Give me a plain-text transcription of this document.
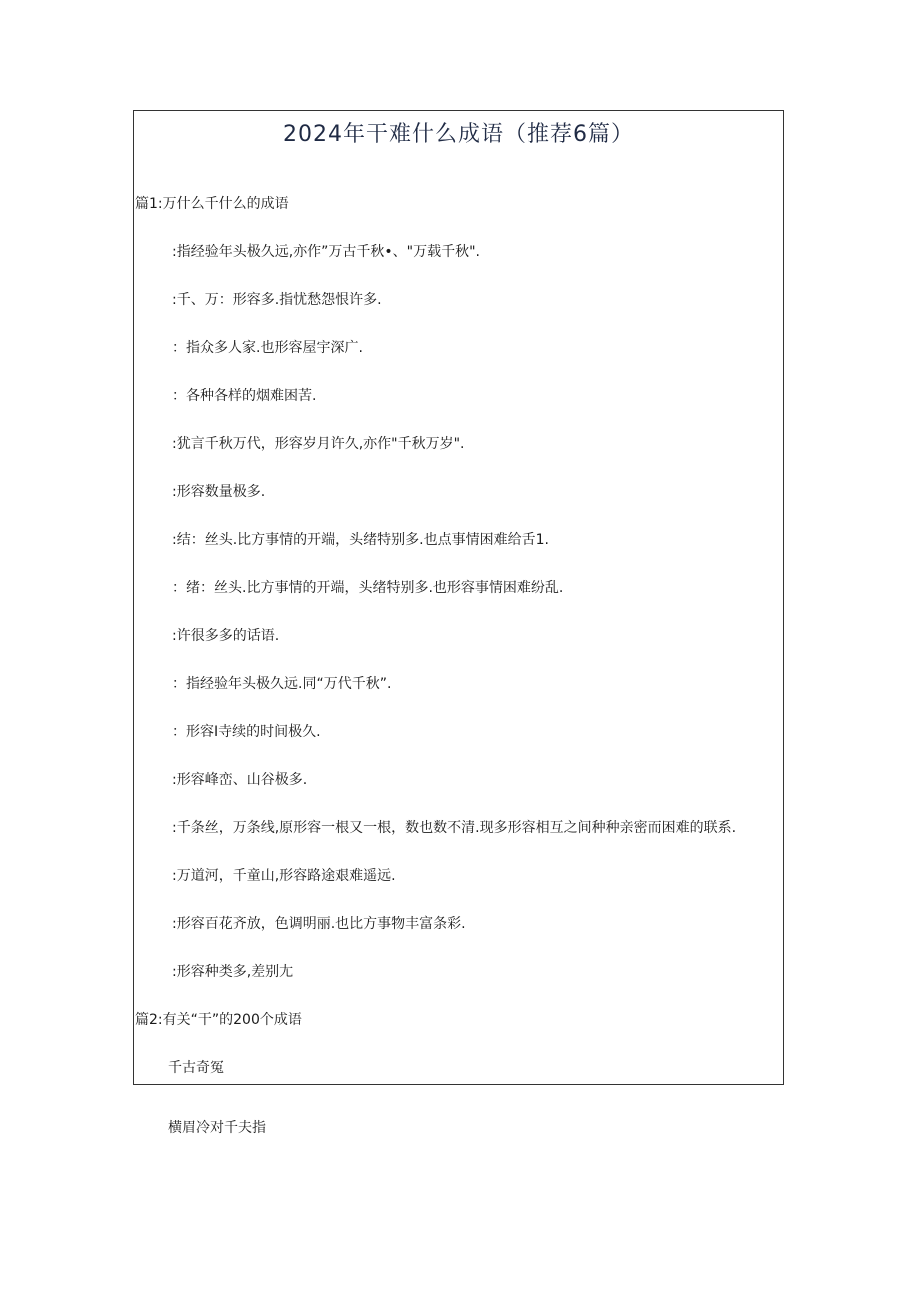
2024年干难什么成语（推荐6篇）

篇1:万什么千什么的成语

:指经验年头极久远,亦作”万古千秋•、"万载千秋".

:千、万：形容多.指忧愁怨恨许多.

：指众多人家.也形容屋宇深广.

：各种各样的烟难困苦.

:犹言千秋万代，形容岁月许久,亦作"千秋万岁".

:形容数量极多.

:结：丝头.比方事情的开端，头绪特别多.也点事情困难给舌1.

：绪：丝头.比方事情的开端，头绪特别多.也形容事情困难纷乱.

:许很多多的话语.

：指经验年头极久远.同“万代千秋”.

：形容I寺续的时间极久.

:形容峰峦、山谷极多.

:千条丝，万条线,原形容一根又一根，数也数不清.现多形容相互之间种种亲密而困难的联系.

:万道河，千童山,形容路途艰难遥远.

:形容百花齐放，色调明丽.也比方事物丰富条彩.

:形容种类多,差别尢

篇2:有关“干”的200个成语

千古奇冤

横眉冷对千夫指
